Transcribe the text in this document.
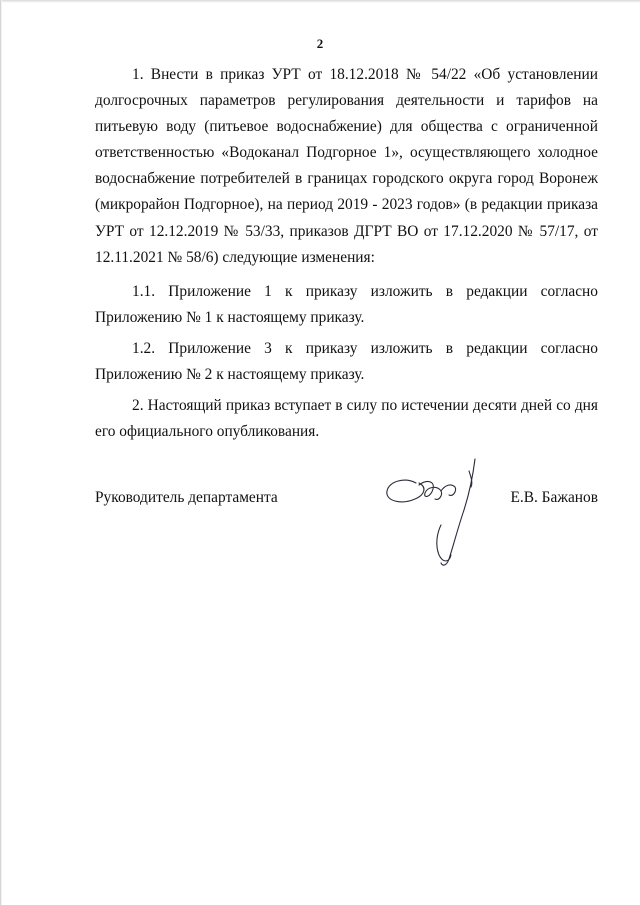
2

1. Внести в приказ УРТ от 18.12.2018 № 54/22 «Об установлении долгосрочных параметров регулирования деятельности и тарифов на питьевую воду (питьевое водоснабжение) для общества с ограниченной ответственностью «Водоканал Подгорное 1», осуществляющего холодное водоснабжение потребителей в границах городского округа город Воронеж (микрорайон Подгорное), на период 2019 - 2023 годов» (в редакции приказа УРТ от 12.12.2019 № 53/33, приказов ДГРТ ВО от 17.12.2020 № 57/17, от 12.11.2021 № 58/6) следующие изменения:

1.1. Приложение 1 к приказу изложить в редакции согласно Приложению № 1 к настоящему приказу.

1.2. Приложение 3 к приказу изложить в редакции согласно Приложению № 2 к настоящему приказу.

2. Настоящий приказ вступает в силу по истечении десяти дней со дня его официального опубликования.

Руководитель департамента	Е.В. Бажанов
